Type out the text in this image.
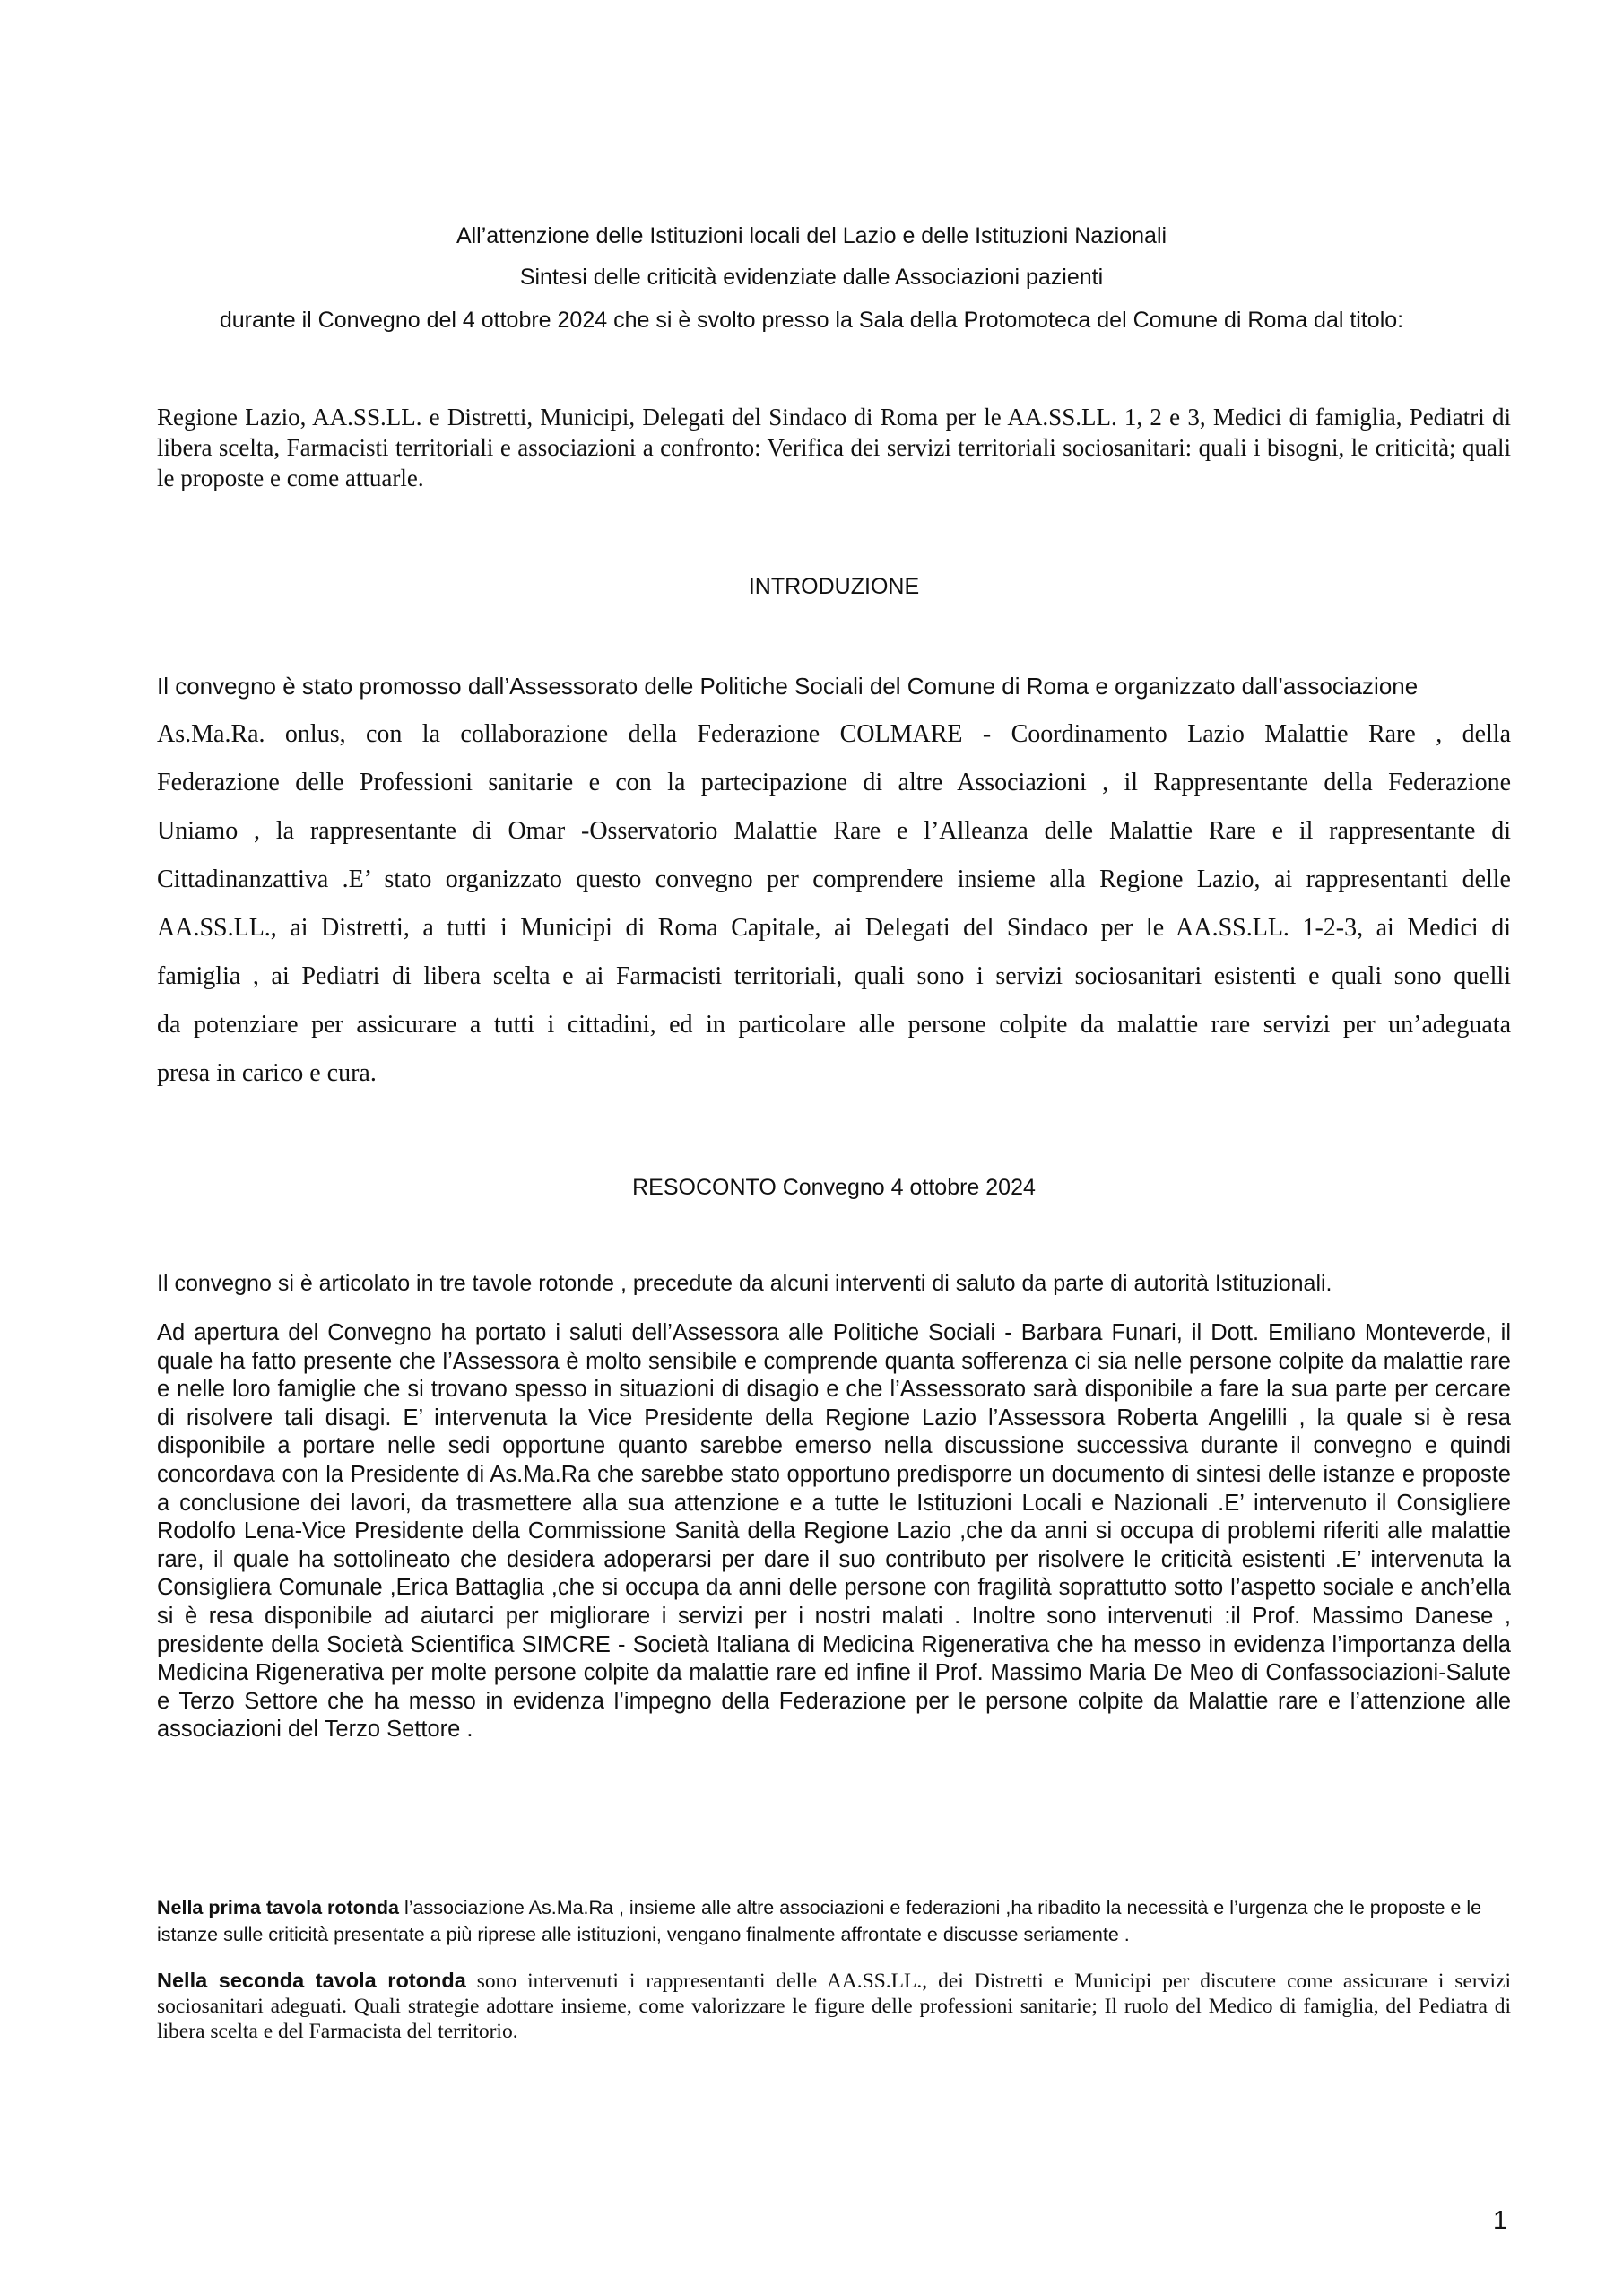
All’attenzione delle Istituzioni locali del Lazio e delle Istituzioni Nazionali
Sintesi delle criticità evidenziate dalle Associazioni pazienti
durante il Convegno del 4 ottobre 2024 che si è svolto presso la Sala della Protomoteca del Comune di Roma dal titolo:
Regione Lazio, AA.SS.LL. e Distretti, Municipi, Delegati del Sindaco di Roma per le AA.SS.LL. 1, 2 e 3, Medici di famiglia, Pediatri di libera scelta, Farmacisti territoriali e associazioni a confronto: Verifica dei servizi territoriali sociosanitari: quali i bisogni, le criticità; quali le proposte e come attuarle.
INTRODUZIONE
Il convegno è stato promosso dall’Assessorato delle Politiche Sociali del Comune di Roma e organizzato dall’associazione
As.Ma.Ra. onlus, con la collaborazione della Federazione COLMARE - Coordinamento Lazio Malattie Rare , della
Federazione delle Professioni sanitarie e con la partecipazione di altre Associazioni , il Rappresentante della Federazione
Uniamo , la rappresentante di Omar -Osservatorio Malattie Rare e l’Alleanza delle Malattie Rare e il rappresentante di
Cittadinanzattiva .E’ stato organizzato questo convegno per comprendere insieme alla Regione Lazio, ai rappresentanti delle
AA.SS.LL., ai Distretti, a tutti i Municipi di Roma Capitale, ai Delegati del Sindaco per le AA.SS.LL. 1-2-3, ai Medici di
famiglia , ai Pediatri di libera scelta e ai Farmacisti territoriali, quali sono i servizi sociosanitari esistenti e quali sono quelli
da potenziare per assicurare a tutti i cittadini, ed in particolare alle persone colpite da malattie rare servizi per un’adeguata
presa in carico e cura.
RESOCONTO Convegno 4 ottobre 2024
Il convegno si è articolato in tre tavole rotonde , precedute da alcuni interventi di saluto da parte di autorità Istituzionali.
Ad apertura del Convegno ha portato i saluti dell’Assessora alle Politiche Sociali - Barbara Funari, il Dott. Emiliano Monteverde, il quale ha fatto presente che l’Assessora è molto sensibile e comprende quanta sofferenza ci sia nelle persone colpite da malattie rare e nelle loro famiglie che si trovano spesso in situazioni di disagio e che l’Assessorato sarà disponibile a fare la sua parte per cercare di risolvere tali disagi. E’ intervenuta la Vice Presidente della Regione Lazio l’Assessora Roberta Angelilli , la quale si è resa disponibile a portare nelle sedi opportune quanto sarebbe emerso nella discussione successiva durante il convegno e quindi concordava con la Presidente di As.Ma.Ra che sarebbe stato opportuno predisporre un documento di sintesi delle istanze e proposte a conclusione dei lavori, da trasmettere alla sua attenzione e a tutte le Istituzioni Locali e Nazionali .E’ intervenuto il Consigliere Rodolfo Lena-Vice Presidente della Commissione Sanità della Regione Lazio ,che da anni si occupa di problemi riferiti alle malattie rare, il quale ha sottolineato che desidera adoperarsi per dare il suo contributo per risolvere le criticità esistenti .E’ intervenuta la Consigliera Comunale ,Erica Battaglia ,che si occupa da anni delle persone con fragilità soprattutto sotto l’aspetto sociale e anch’ella si è resa disponibile ad aiutarci per migliorare i servizi per i nostri malati . Inoltre sono intervenuti :il Prof. Massimo Danese , presidente della Società Scientifica SIMCRE - Società Italiana di Medicina Rigenerativa che ha messo in evidenza l’importanza della Medicina Rigenerativa per molte persone colpite da malattie rare ed infine il Prof. Massimo Maria De Meo di Confassociazioni-Salute e Terzo Settore che ha messo in evidenza l’impegno della Federazione per le persone colpite da Malattie rare e l’attenzione alle associazioni del Terzo Settore .
Nella prima tavola rotonda l’associazione As.Ma.Ra , insieme alle altre associazioni e federazioni ,ha ribadito la necessità e l’urgenza che le proposte e le istanze sulle criticità presentate a più riprese alle istituzioni, vengano finalmente affrontate e discusse seriamente .
Nella seconda tavola rotonda sono intervenuti i rappresentanti delle AA.SS.LL., dei Distretti e Municipi per discutere come assicurare i servizi sociosanitari adeguati. Quali strategie adottare insieme, come valorizzare le figure delle professioni sanitarie; Il ruolo del Medico di famiglia, del Pediatra di libera scelta e del Farmacista del territorio.
1
